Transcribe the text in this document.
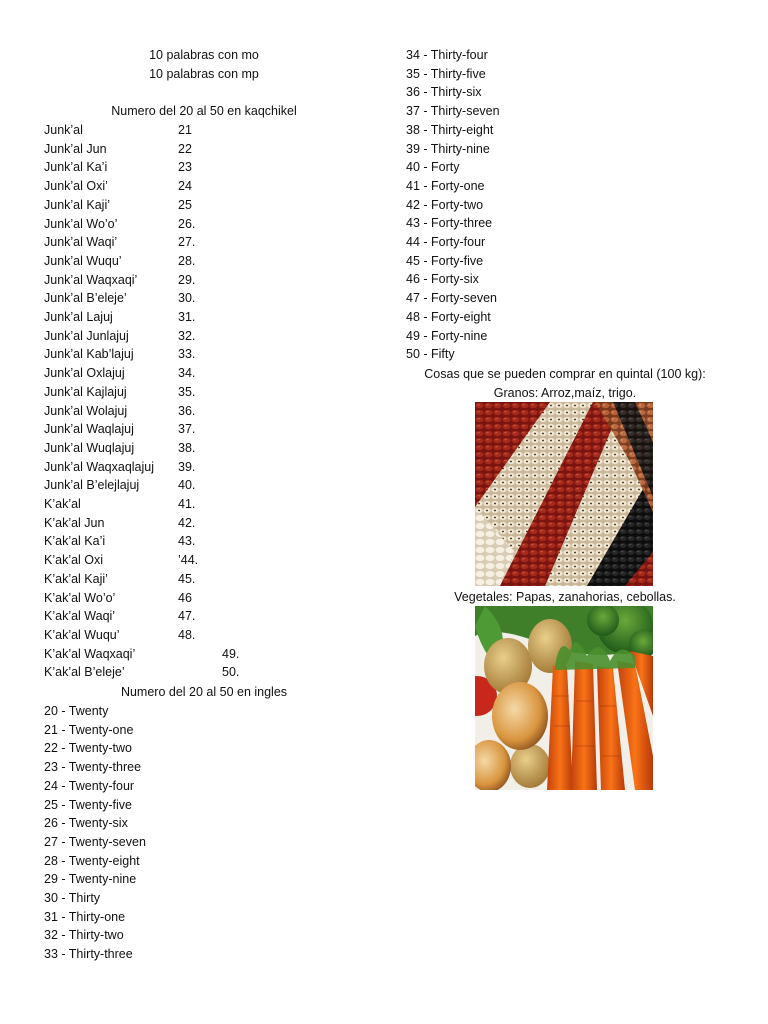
10 palabras con mo
10 palabras con mp
Numero del 20 al 50 en kaqchikel
Junk’al	21
Junk’al Jun	22
Junk’al Ka’i	23
Junk’al Oxi’	24
Junk’al Kaji’	25
Junk’al Wo’o’	26.
Junk’al Waqi’	27.
Junk’al Wuqu’	28.
Junk’al Waqxaqi’	29.
Junk’al B’eleje’	30.
Junk’al Lajuj	31.
Junk’al Junlajuj	32.
Junk’al Kab’lajuj	33.
Junk’al Oxlajuj	34.
Junk’al Kajlajuj	35.
Junk’al Wolajuj	36.
Junk’al Waqlajuj	37.
Junk’al Wuqlajuj	38.
Junk’al Waqxaqlajuj 39.
Junk’al B’elejlajuj	40.
K’ak’al	41.
K’ak’al Jun	42.
K’ak’al Ka’i	43.
K’ak’al Oxi	’44.
K’ak’al Kaji’	45.
K’ak’al Wo’o’	46
K’ak’al Waqi’	47.
K’ak’al Wuqu’	48.
K’ak’al Waqxaqi’	49.
K’ak’al B’eleje’	50.
Numero del 20 al 50 en ingles
20 - Twenty
21 - Twenty-one
22 - Twenty-two
23 - Twenty-three
24 - Twenty-four
25 - Twenty-five
26 - Twenty-six
27 - Twenty-seven
28 - Twenty-eight
29 - Twenty-nine
30 - Thirty
31 - Thirty-one
32 - Thirty-two
33 - Thirty-three
34 - Thirty-four
35 - Thirty-five
36 - Thirty-six
37 - Thirty-seven
38 - Thirty-eight
39 - Thirty-nine
40 - Forty
41 - Forty-one
42 - Forty-two
43 - Forty-three
44 - Forty-four
45 - Forty-five
46 - Forty-six
47 - Forty-seven
48 - Forty-eight
49 - Forty-nine
50 - Fifty
Cosas que se pueden comprar en quintal (100 kg):
Granos: Arroz,maíz, trigo.
Vegetales: Papas, zanahorias, cebollas.
